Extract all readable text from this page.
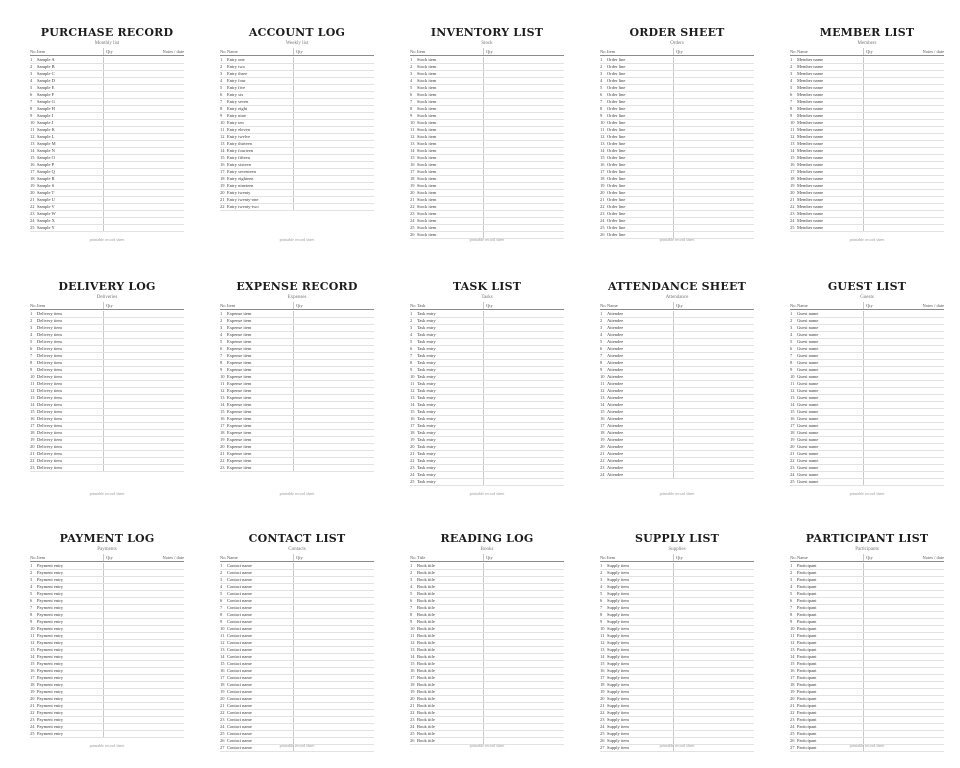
PURCHASE RECORD
Monthly list
No. Item	Qty	Notes / date
1	Sample A
2	Sample B
3	Sample C
4	Sample D
5	Sample E
6	Sample F
7	Sample G
8	Sample H
9	Sample I
10 Sample J
11 Sample K
12 Sample L
13 Sample M
14 Sample N
15 Sample O
16 Sample P
17 Sample Q
18 Sample R
19 Sample S
20 Sample T
21 Sample U
22 Sample V
23 Sample W
24 Sample X
25 Sample Y
printable record sheet
ACCOUNT LOG
Weekly list
No. Name	Qty
1	Entry one
2	Entry two
3	Entry three
4	Entry four
5	Entry five
6	Entry six
7	Entry seven
8	Entry eight
9	Entry nine
10 Entry ten
11 Entry eleven
12 Entry twelve
13 Entry thirteen
14 Entry fourteen
15 Entry fifteen
16 Entry sixteen
17 Entry seventeen
18 Entry eighteen
19 Entry nineteen
20 Entry twenty
21 Entry twenty-one
22 Entry twenty-two
printable record sheet
INVENTORY LIST
Stock
No. Item	Qty
1	Stock item
2	Stock item
3	Stock item
4	Stock item
5	Stock item
6	Stock item
7	Stock item
8	Stock item
9	Stock item
10 Stock item
11 Stock item
12 Stock item
13 Stock item
14 Stock item
15 Stock item
16 Stock item
17 Stock item
18 Stock item
19 Stock item
20 Stock item
21 Stock item
22 Stock item
23 Stock item
24 Stock item
25 Stock item
26 Stock item
printable record sheet
ORDER SHEET
Orders
No. Item	Qty
1	Order line
2	Order line
3	Order line
4	Order line
5	Order line
6	Order line
7	Order line
8	Order line
9	Order line
10 Order line
11 Order line
12 Order line
13 Order line
14 Order line
15 Order line
16 Order line
17 Order line
18 Order line
19 Order line
20 Order line
21 Order line
22 Order line
23 Order line
24 Order line
25 Order line
26 Order line
printable record sheet
MEMBER LIST
Members
No. Name	Qty	Notes / date
1	Member name
2	Member name
3	Member name
4	Member name
5	Member name
6	Member name
7	Member name
8	Member name
9	Member name
10 Member name
11 Member name
12 Member name
13 Member name
14 Member name
15 Member name
16 Member name
17 Member name
18 Member name
19 Member name
20 Member name
21 Member name
22 Member name
23 Member name
24 Member name
25 Member name
printable record sheet
DELIVERY LOG
Deliveries
No. Item	Qty
1	Delivery item
2	Delivery item
3	Delivery item
4	Delivery item
5	Delivery item
6	Delivery item
7	Delivery item
8	Delivery item
9	Delivery item
10 Delivery item
11 Delivery item
12 Delivery item
13 Delivery item
14 Delivery item
15 Delivery item
16 Delivery item
17 Delivery item
18 Delivery item
19 Delivery item
20 Delivery item
21 Delivery item
22 Delivery item
23 Delivery item
printable record sheet
EXPENSE RECORD
Expenses
No. Item	Qty
1	Expense item
2	Expense item
3	Expense item
4	Expense item
5	Expense item
6	Expense item
7	Expense item
8	Expense item
9	Expense item
10 Expense item
11 Expense item
12 Expense item
13 Expense item
14 Expense item
15 Expense item
16 Expense item
17 Expense item
18 Expense item
19 Expense item
20 Expense item
21 Expense item
22 Expense item
23 Expense item
printable record sheet
TASK LIST
Tasks
No. Task	Qty
1	Task entry
2	Task entry
3	Task entry
4	Task entry
5	Task entry
6	Task entry
7	Task entry
8	Task entry
9	Task entry
10 Task entry
11 Task entry
12 Task entry
13 Task entry
14 Task entry
15 Task entry
16 Task entry
17 Task entry
18 Task entry
19 Task entry
20 Task entry
21 Task entry
22 Task entry
23 Task entry
24 Task entry
25 Task entry
printable record sheet
ATTENDANCE SHEET
Attendance
No. Name	Qty
1	Attendee
2	Attendee
3	Attendee
4	Attendee
5	Attendee
6	Attendee
7	Attendee
8	Attendee
9	Attendee
10 Attendee
11 Attendee
12 Attendee
13 Attendee
14 Attendee
15 Attendee
16 Attendee
17 Attendee
18 Attendee
19 Attendee
20 Attendee
21 Attendee
22 Attendee
23 Attendee
24 Attendee
printable record sheet
GUEST LIST
Guests
No. Name	Qty	Notes / date
1	Guest name
2	Guest name
3	Guest name
4	Guest name
5	Guest name
6	Guest name
7	Guest name
8	Guest name
9	Guest name
10 Guest name
11 Guest name
12 Guest name
13 Guest name
14 Guest name
15 Guest name
16 Guest name
17 Guest name
18 Guest name
19 Guest name
20 Guest name
21 Guest name
22 Guest name
23 Guest name
24 Guest name
25 Guest name
printable record sheet
PAYMENT LOG
Payments
No. Item	Qty	Notes / date
1	Payment entry
2	Payment entry
3	Payment entry
4	Payment entry
5	Payment entry
6	Payment entry
7	Payment entry
8	Payment entry
9	Payment entry
10 Payment entry
11 Payment entry
12 Payment entry
13 Payment entry
14 Payment entry
15 Payment entry
16 Payment entry
17 Payment entry
18 Payment entry
19 Payment entry
20 Payment entry
21 Payment entry
22 Payment entry
23 Payment entry
24 Payment entry
25 Payment entry
printable record sheet
CONTACT LIST
Contacts
No. Name	Qty
1	Contact name
2	Contact name
3	Contact name
4	Contact name
5	Contact name
6	Contact name
7	Contact name
8	Contact name
9	Contact name
10 Contact name
11 Contact name
12 Contact name
13 Contact name
14 Contact name
15 Contact name
16 Contact name
17 Contact name
18 Contact name
19 Contact name
20 Contact name
21 Contact name
22 Contact name
23 Contact name
24 Contact name
25 Contact name
26 Contact name
27 Contact name	printable record sheet
READING LOG
Books
No. Title	Qty
1	Book title
2	Book title
3	Book title
4	Book title
5	Book title
6	Book title
7	Book title
8	Book title
9	Book title
10 Book title
11 Book title
12 Book title
13 Book title
14 Book title
15 Book title
16 Book title
17 Book title
18 Book title
19 Book title
20 Book title
21 Book title
22 Book title
23 Book title
24 Book title
25 Book title
26 Book title
printable record sheet
SUPPLY LIST
Supplies
No. Item	Qty
1	Supply item
2	Supply item
3	Supply item
4	Supply item
5	Supply item
6	Supply item
7	Supply item
8	Supply item
9	Supply item
10 Supply item
11 Supply item
12 Supply item
13 Supply item
14 Supply item
15 Supply item
16 Supply item
17 Supply item
18 Supply item
19 Supply item
20 Supply item
21 Supply item
22 Supply item
23 Supply item
24 Supply item
25 Supply item
26 Supply item
27 Supply item	printable record sheet
PARTICIPANT LIST
Participants
No. Name	Qty	Notes / date
1	Participant
2	Participant
3	Participant
4	Participant
5	Participant
6	Participant
7	Participant
8	Participant
9	Participant
10 Participant
11 Participant
12 Participant
13 Participant
14 Participant
15 Participant
16 Participant
17 Participant
18 Participant
19 Participant
20 Participant
21 Participant
22 Participant
23 Participant
24 Participant
25 Participant
26 Participant
27 Participant	printable record sheet
